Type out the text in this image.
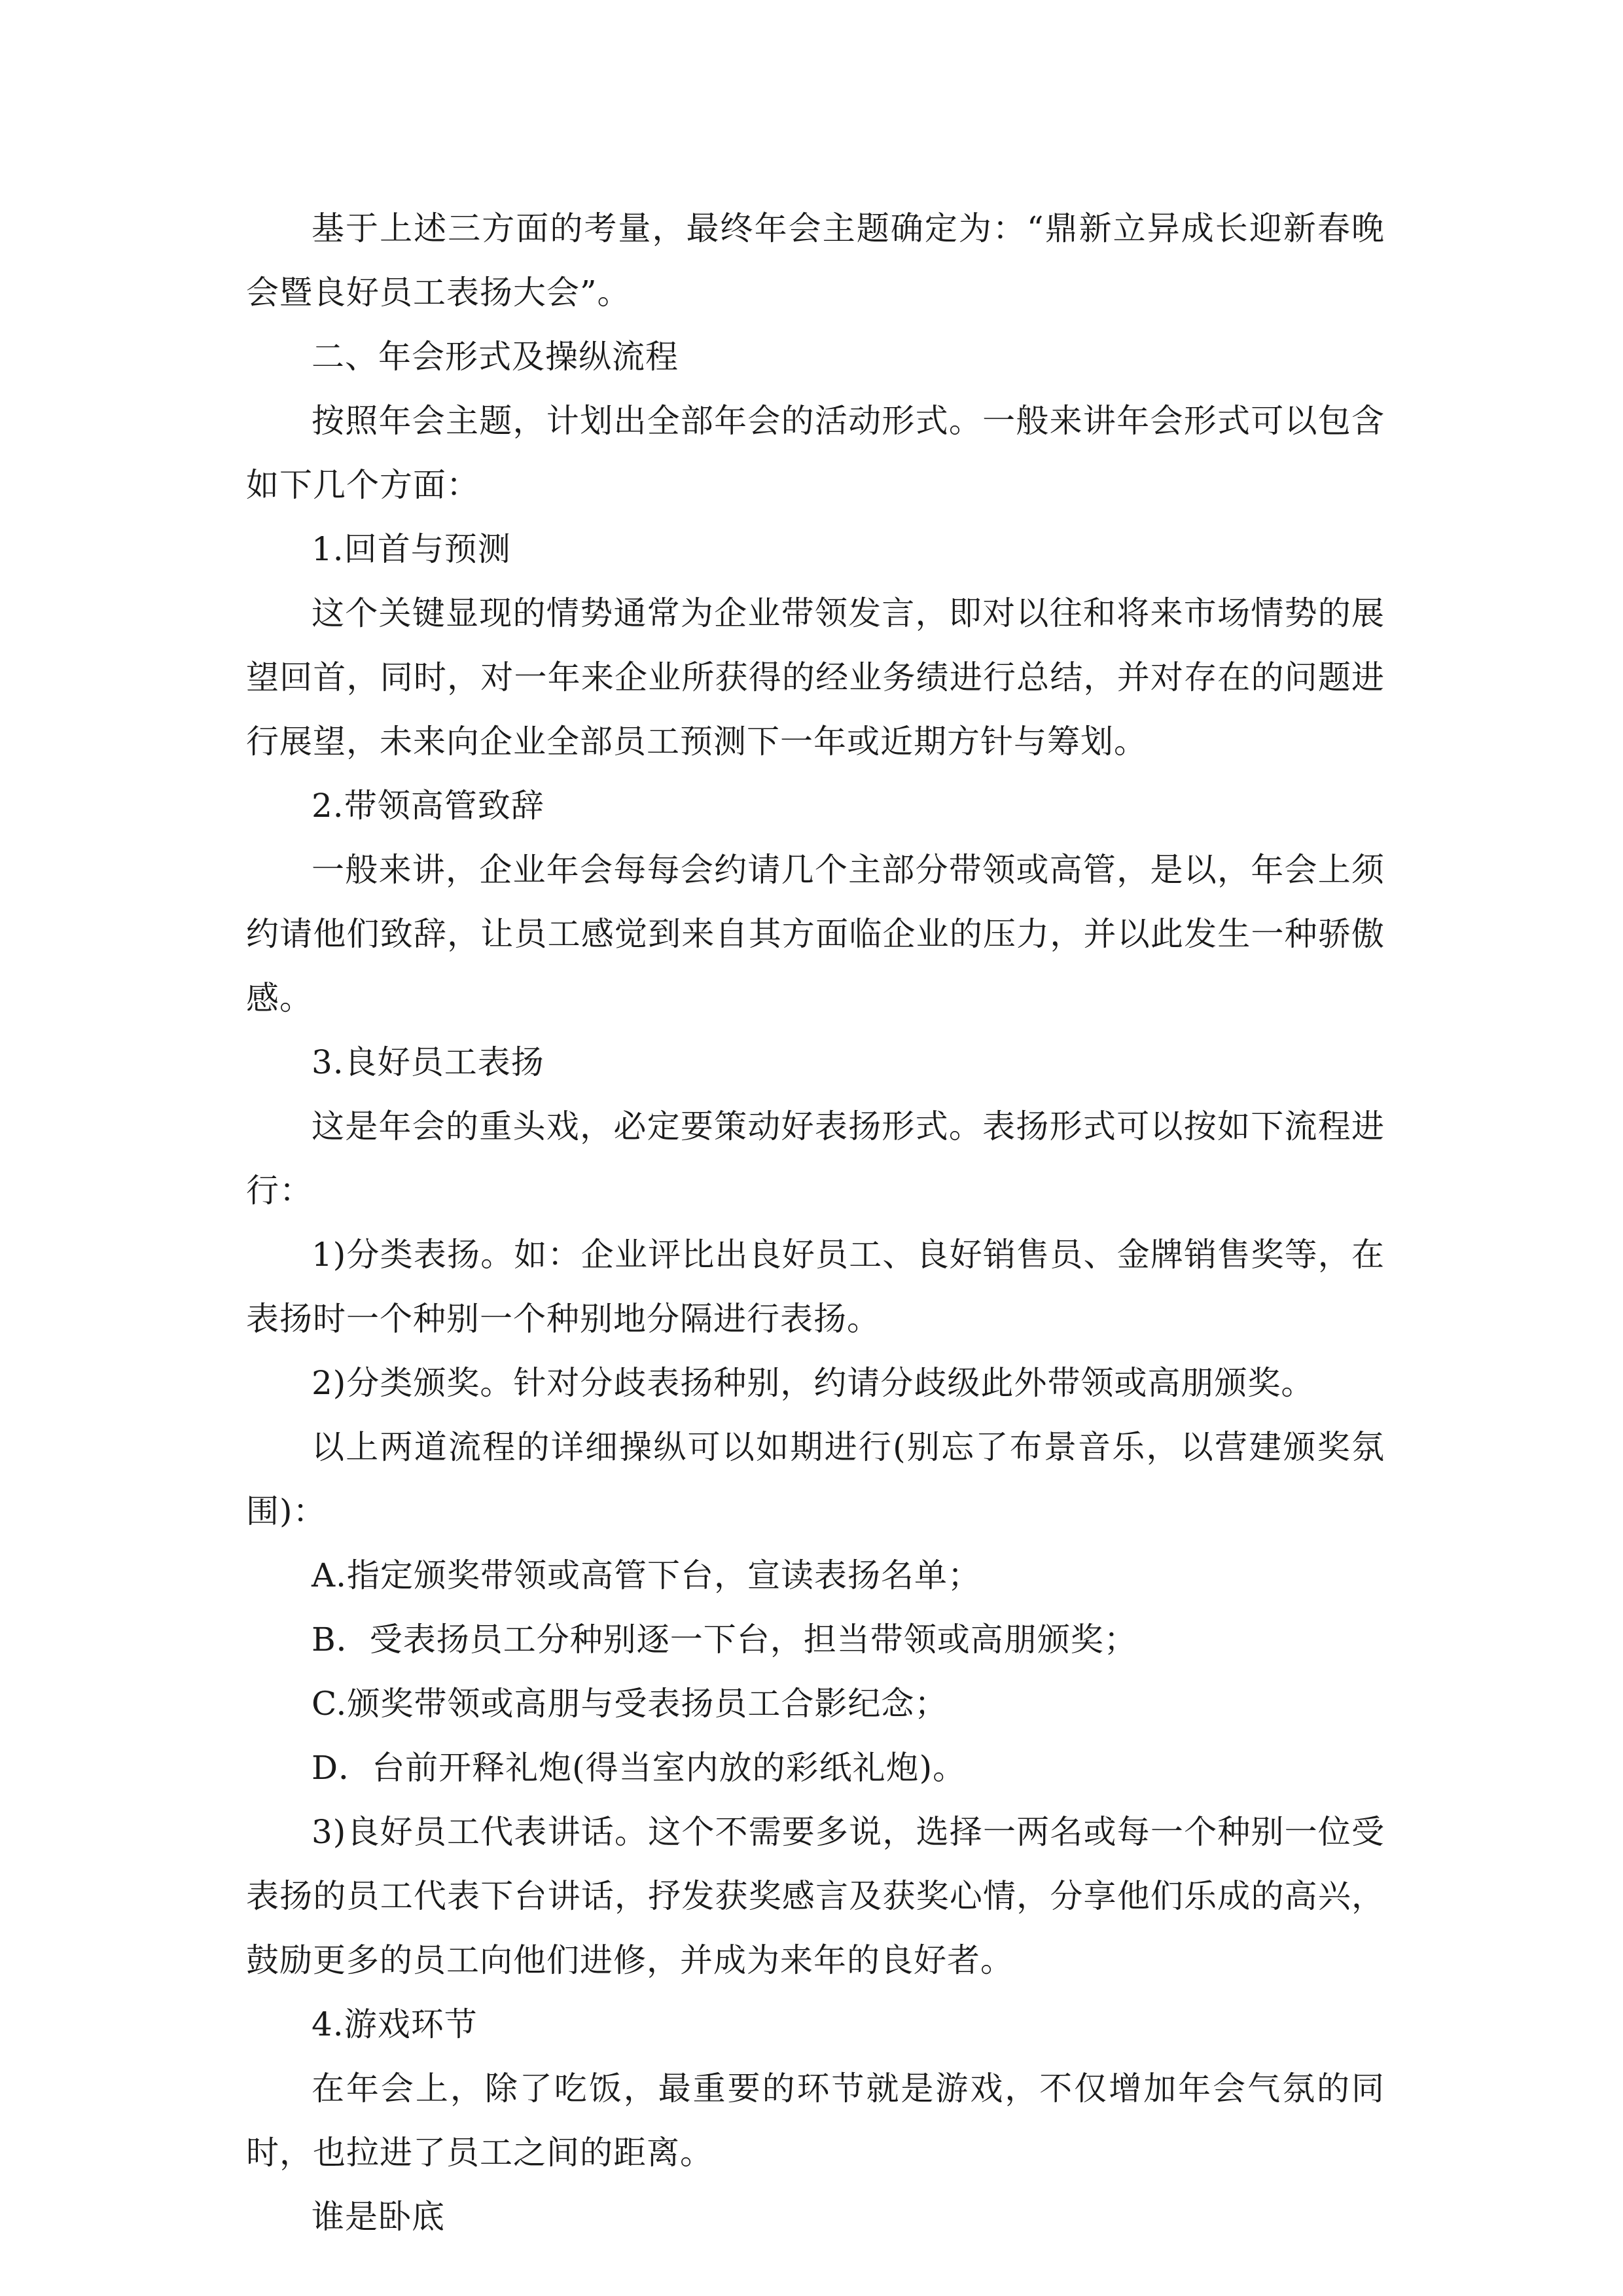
基于上述三方面的考量，最终年会主题确定为：“鼎新立异成长迎新春晚会暨良好员工表扬大会”。

二、年会形式及操纵流程

按照年会主题，计划出全部年会的活动形式。一般来讲年会形式可以包含如下几个方面：

1.回首与预测

这个关键显现的情势通常为企业带领发言，即对以往和将来市场情势的展望回首，同时，对一年来企业所获得的经业务绩进行总结，并对存在的问题进行展望，未来向企业全部员工预测下一年或近期方针与筹划。

2.带领高管致辞

一般来讲，企业年会每每会约请几个主部分带领或高管，是以，年会上须约请他们致辞，让员工感觉到来自其方面临企业的压力，并以此发生一种骄傲感。

3.良好员工表扬

这是年会的重头戏，必定要策动好表扬形式。表扬形式可以按如下流程进行：

1)分类表扬。如：企业评比出良好员工、良好销售员、金牌销售奖等，在表扬时一个种别一个种别地分隔进行表扬。

2)分类颁奖。针对分歧表扬种别，约请分歧级此外带领或高朋颁奖。

以上两道流程的详细操纵可以如期进行(别忘了布景音乐，以营建颁奖氛围)：

A.指定颁奖带领或高管下台，宣读表扬名单；

B．受表扬员工分种别逐一下台，担当带领或高朋颁奖；

C.颁奖带领或高朋与受表扬员工合影纪念；

D．台前开释礼炮(得当室内放的彩纸礼炮)。

3)良好员工代表讲话。这个不需要多说，选择一两名或每一个种别一位受表扬的员工代表下台讲话，抒发获奖感言及获奖心情，分享他们乐成的高兴，鼓励更多的员工向他们进修，并成为来年的良好者。

4.游戏环节

在年会上，除了吃饭，最重要的环节就是游戏，不仅增加年会气氛的同时，也拉进了员工之间的距离。

谁是卧底
